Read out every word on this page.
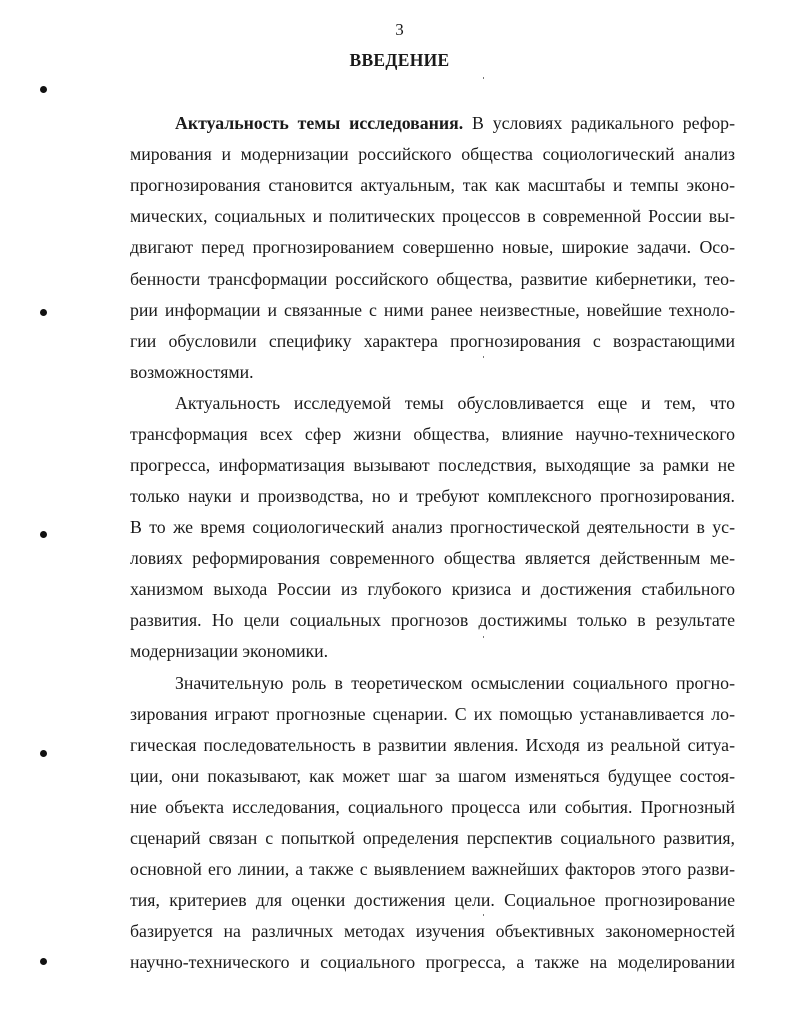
3
ВВЕДЕНИЕ
Актуальность темы исследования. В условиях радикального рефор-
мирования и модернизации российского общества социологический анализ
прогнозирования становится актуальным, так как масштабы и темпы эконо-
мических, социальных и политических процессов в современной России вы-
двигают перед прогнозированием совершенно новые, широкие задачи. Осо-
бенности трансформации российского общества, развитие кибернетики, тео-
рии информации и связанные с ними ранее неизвестные, новейшие техноло-
гии обусловили специфику характера прогнозирования с возрастающими
возможностями.
Актуальность исследуемой темы обусловливается еще и тем, что
трансформация всех сфер жизни общества, влияние научно-технического
прогресса, информатизация вызывают последствия, выходящие за рамки не
только науки и производства, но и требуют комплексного прогнозирования.
В то же время социологический анализ прогностической деятельности в ус-
ловиях реформирования современного общества является действенным ме-
ханизмом выхода России из глубокого кризиса и достижения стабильного
развития. Но цели социальных прогнозов достижимы только в результате
модернизации экономики.
Значительную роль в теоретическом осмыслении социального прогно-
зирования играют прогнозные сценарии. С их помощью устанавливается ло-
гическая последовательность в развитии явления. Исходя из реальной ситуа-
ции, они показывают, как может шаг за шагом изменяться будущее состоя-
ние объекта исследования, социального процесса или события. Прогнозный
сценарий связан с попыткой определения перспектив социального развития,
основной его линии, а также с выявлением важнейших факторов этого разви-
тия, критериев для оценки достижения цели. Социальное прогнозирование
базируется на различных методах изучения объективных закономерностей
научно-технического и социального прогресса, а также на моделировании
